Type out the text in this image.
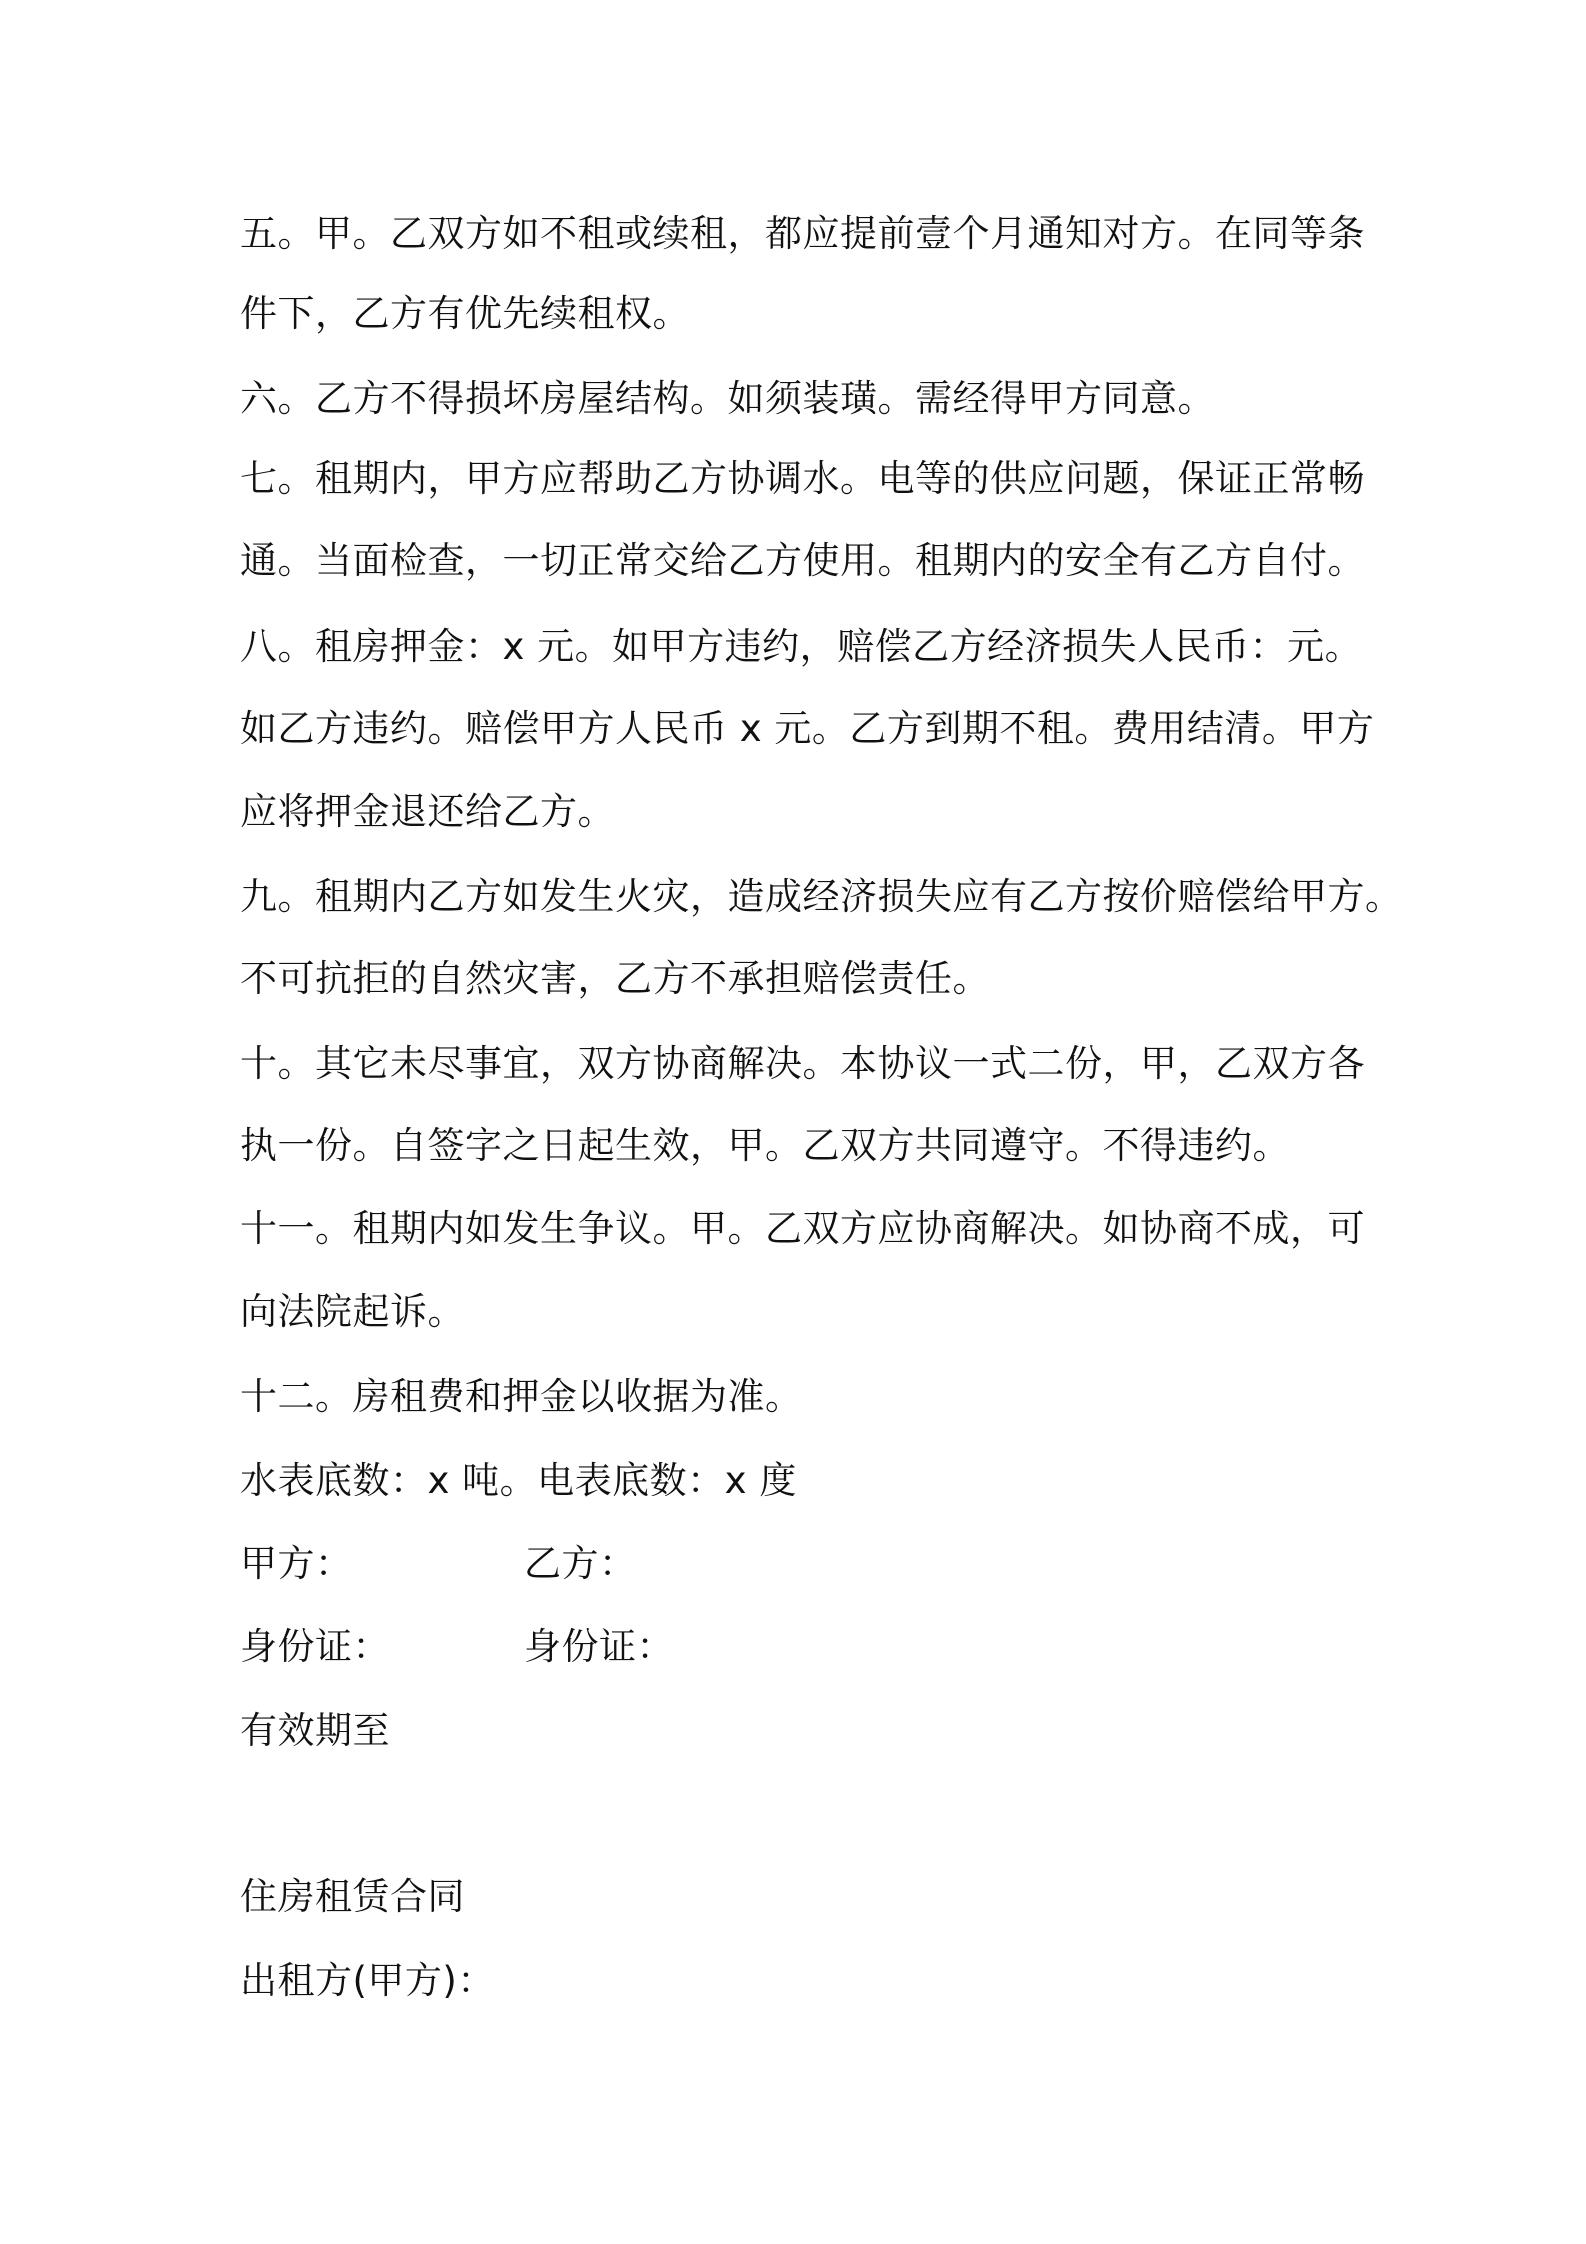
五。甲。乙双方如不租或续租，都应提前壹个月通知对方。在同等条
件下，乙方有优先续租权。
六。乙方不得损坏房屋结构。如须装璜。需经得甲方同意。
七。租期内，甲方应帮助乙方协调水。电等的供应问题，保证正常畅
通。当面检查，一切正常交给乙方使用。租期内的安全有乙方自付。
八。租房押金：x 元。如甲方违约，赔偿乙方经济损失人民币：元。
如乙方违约。赔偿甲方人民币 x 元。乙方到期不租。费用结清。甲方
应将押金退还给乙方。
九。租期内乙方如发生火灾，造成经济损失应有乙方按价赔偿给甲方。
不可抗拒的自然灾害，乙方不承担赔偿责任。
十。其它未尽事宜，双方协商解决。本协议一式二份，甲，乙双方各
执一份。自签字之日起生效，甲。乙双方共同遵守。不得违约。
十一。租期内如发生争议。甲。乙双方应协商解决。如协商不成，可
向法院起诉。
十二。房租费和押金以收据为准。
水表底数：x 吨。电表底数：x 度
甲方：	乙方：
身份证：	身份证：
有效期至
住房租赁合同
出租方(甲方)：
